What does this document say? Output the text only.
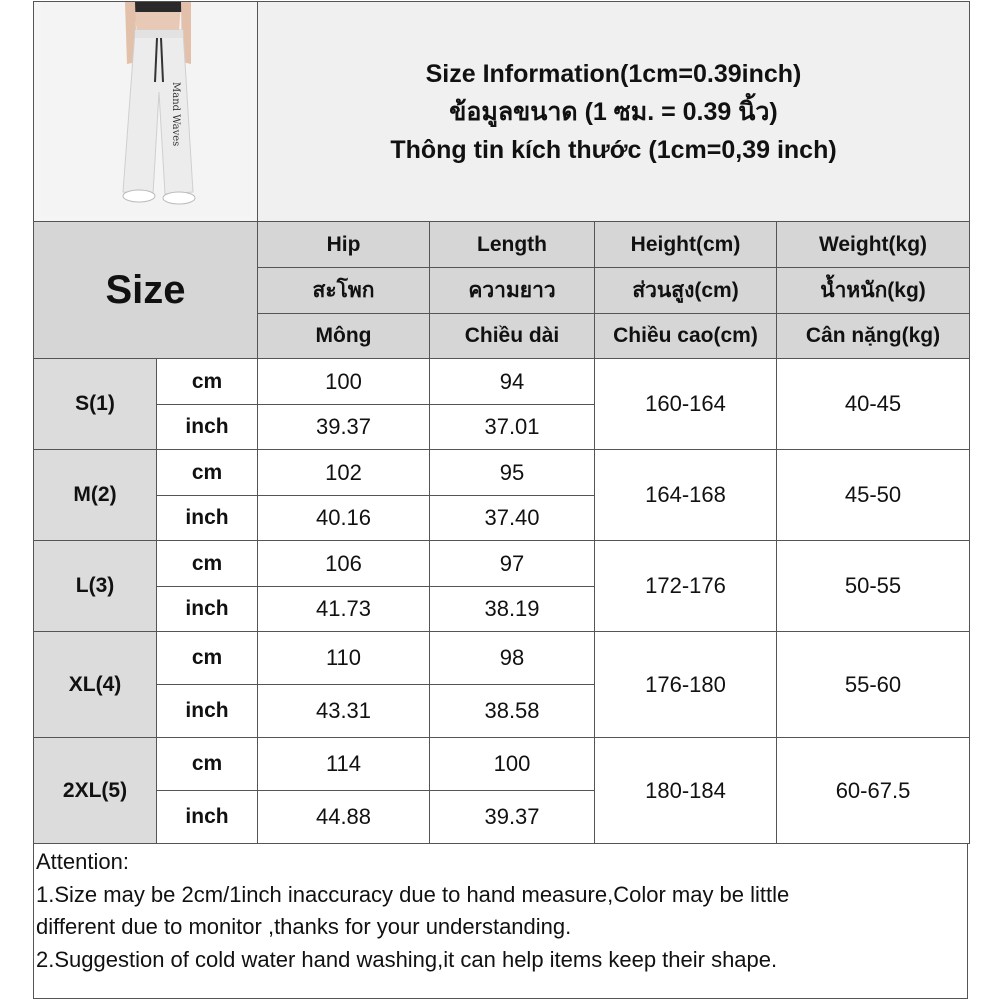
Mand Waves		Size Information(1cm=0.39inch)
ข้อมูลขนาด (1 ซม. = 0.39 นิ้ว)
Thông tin kích thước (1cm=0,39 inch)			

Size		Hip	Length	Height(cm)	Weight(kg)
		สะโพก	ความยาว	ส่วนสูง(cm)	น้ำหนัก(kg)
		Mông	Chiều dài	Chiều cao(cm)	Cân nặng(kg)
S(1)	cm	100	94	160-164	40-45
	inch	39.37	37.01		
M(2)	cm	102	95	164-168	45-50
	inch	40.16	37.40		
L(3)	cm	106	97	172-176	50-55
	inch	41.73	38.19		
XL(4)	cm	110	98	176-180	55-60
	inch	43.31	38.58		
2XL(5)	cm	114	100	180-184	60-67.5
	inch	44.88	39.37		
Attention:
1.Size may be 2cm/1inch inaccuracy due to hand measure,Color may be little
different due to monitor ,thanks for your understanding.
2.Suggestion of cold water hand washing,it can help items keep their shape.
